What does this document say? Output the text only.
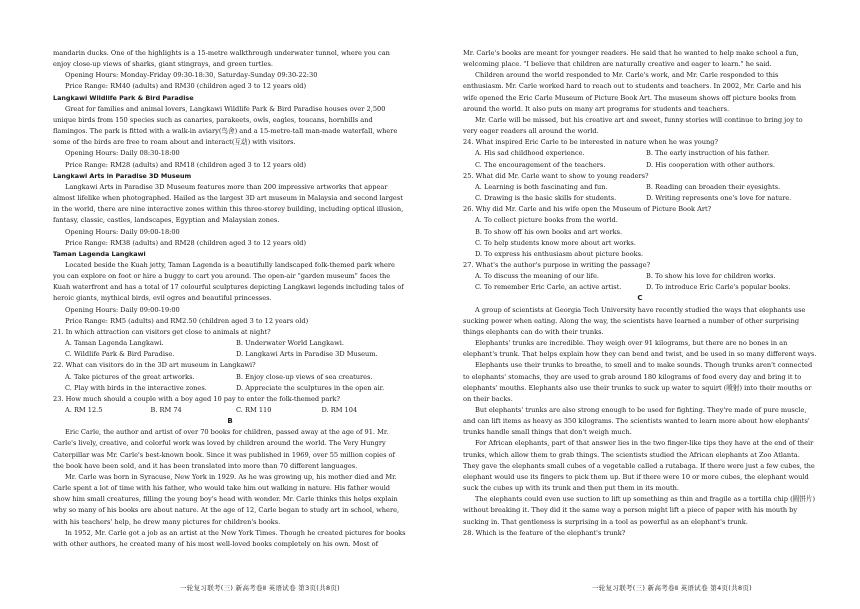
mandarin ducks. One of the highlights is a 15-metre walkthrough underwater tunnel, where you can enjoy close-up views of sharks, giant stingrays, and green turtles.

Opening Hours: Monday-Friday 09:30-18:30, Saturday-Sunday 09:30-22:30

Price Range: RM40 (adults) and RM30 (children aged 3 to 12 years old)

Langkawi Wildlife Park & Bird Paradise

Great for families and animal lovers, Langkawi Wildlife Park & Bird Paradise houses over 2,500 unique birds from 150 species such as canaries, parakeets, owls, eagles, toucans, hornbills and flamingos. The park is fitted with a walk-in aviary(鸟舍) and a 15-metre-tall man-made waterfall, where some of the birds are free to roam about and interact(互动) with visitors.

Opening Hours: Daily 08:30-18:00

Price Range: RM28 (adults) and RM18 (children aged 3 to 12 years old)

Langkawi Arts in Paradise 3D Museum

Langkawi Arts in Paradise 3D Museum features more than 200 impressive artworks that appear almost lifelike when photographed. Hailed as the largest 3D art museum in Malaysia and second largest in the world, there are nine interactive zones within this three-storey building, including optical illusion, fantasy, classic, castles, landscapes, Egyptian and Malaysian zones.

Opening Hours: Daily 09:00-18:00

Price Range: RM38 (adults) and RM28 (children aged 3 to 12 years old)

Taman Lagenda Langkawi

Located beside the Kuah jetty, Taman Lagenda is a beautifully landscaped folk-themed park where you can explore on foot or hire a buggy to cart you around. The open-air "garden museum" faces the Kuah waterfront and has a total of 17 colourful sculptures depicting Langkawi legends including tales of heroic giants, mythical birds, evil ogres and beautiful princesses.

Opening Hours: Daily 09:00-19:00

Price Range: RM5 (adults) and RM2.50 (children aged 3 to 12 years old)

21. In which attraction can visitors get close to animals at night?

A. Taman Lagenda Langkawi.	B. Underwater World Langkawi.
C. Wildlife Park & Bird Paradise.	D. Langkawi Arts in Paradise 3D Museum.

22. What can visitors do in the 3D art museum in Langkawi?

A. Take pictures of the great artworks.	B. Enjoy close-up views of sea creatures.
C. Play with birds in the interactive zones.	D. Appreciate the sculptures in the open air.

23. How much should a couple with a boy aged 10 pay to enter the folk-themed park?

A. RM 12.5	B. RM 74	C. RM 110	D. RM 104

B

Eric Carle, the author and artist of over 70 books for children, passed away at the age of 91. Mr. Carle's lively, creative, and colorful work was loved by children around the world. The Very Hungry Caterpillar was Mr. Carle's best-known book. Since it was published in 1969, over 55 million copies of the book have been sold, and it has been translated into more than 70 different languages.

Mr. Carle was born in Syracuse, New York in 1929. As he was growing up, his mother died and Mr. Carle spent a lot of time with his father, who would take him out walking in nature. His father would show him small creatures, filling the young boy's head with wonder. Mr. Carle thinks this helps explain why so many of his books are about nature. At the age of 12, Carle began to study art in school, where, with his teachers' help, he drew many pictures for children's books.

In 1952, Mr. Carle got a job as an artist at the New York Times. Though he created pictures for books with other authors, he created many of his most well-loved books completely on his own. Most of

Mr. Carle's books are meant for younger readers. He said that he wanted to help make school a fun, welcoming place. "I believe that children are naturally creative and eager to learn." he said.

Children around the world responded to Mr. Carle's work, and Mr. Carle responded to this enthusiasm. Mr. Carle worked hard to reach out to students and teachers. In 2002, Mr. Carle and his wife opened the Eric Carle Museum of Picture Book Art. The museum shows off picture books from around the world. It also puts on many art programs for students and teachers.

Mr. Carle will be missed, but his creative art and sweet, funny stories will continue to bring joy to very eager readers all around the world.

24. What inspired Eric Carle to be interested in nature when he was young?

A. His sad childhood experience.	B. The early instruction of his father.
C. The encouragement of the teachers.	D. His cooperation with other authors.

25. What did Mr. Carle want to show to young readers?

A. Learning is both fascinating and fun.	B. Reading can broaden their eyesights.
C. Drawing is the basic skills for students.	D. Writing represents one's love for nature.

26. Why did Mr. Carle and his wife open the Museum of Picture Book Art?

A. To collect picture books from the world.

B. To show off his own books and art works.

C. To help students know more about art works.

D. To express his enthusiasm about picture books.

27. What's the author's purpose in writing the passage?

A. To discuss the meaning of our life.	B. To show his love for children works.
C. To remember Eric Carle, an active artist.	D. To introduce Eric Carle's popular books.

C

A group of scientists at Georgia Tech University have recently studied the ways that elephants use sucking power when eating. Along the way, the scientists have learned a number of other surprising things elephants can do with their trunks.

Elephants' trunks are incredible. They weigh over 91 kilograms, but there are no bones in an elephant's trunk. That helps explain how they can bend and twist, and be used in so many different ways.

Elephants use their trunks to breathe, to smell and to make sounds. Though trunks aren't connected to elephants' stomachs, they are used to grab around 180 kilograms of food every day and bring it to elephants' mouths. Elephants also use their trunks to suck up water to squirt (喷射) into their mouths or on their backs.

But elephants' trunks are also strong enough to be used for fighting. They're made of pure muscle, and can lift items as heavy as 350 kilograms. The scientists wanted to learn more about how elephants' trunks handle small things that don't weigh much.

For African elephants, part of that answer lies in the two finger-like tips they have at the end of their trunks, which allow them to grab things. The scientists studied the African elephants at Zoo Atlanta. They gave the elephants small cubes of a vegetable called a rutabaga. If there were just a few cubes, the elephant would use its fingers to pick them up. But if there were 10 or more cubes, the elephant would suck the cubes up with its trunk and then put them in its mouth.

The elephants could even use suction to lift up something as thin and fragile as a tortilla chip (圆饼片) without breaking it. They did it the same way a person might lift a piece of paper with his mouth by sucking in. That gentleness is surprising in a tool as powerful as an elephant's trunk.

28. Which is the feature of the elephant's trunk?

一轮复习联考(三) 新高考卷Ⅱ 英语试卷 第3页(共8页)	一轮复习联考(三) 新高考卷Ⅱ 英语试卷 第4页(共8页)
